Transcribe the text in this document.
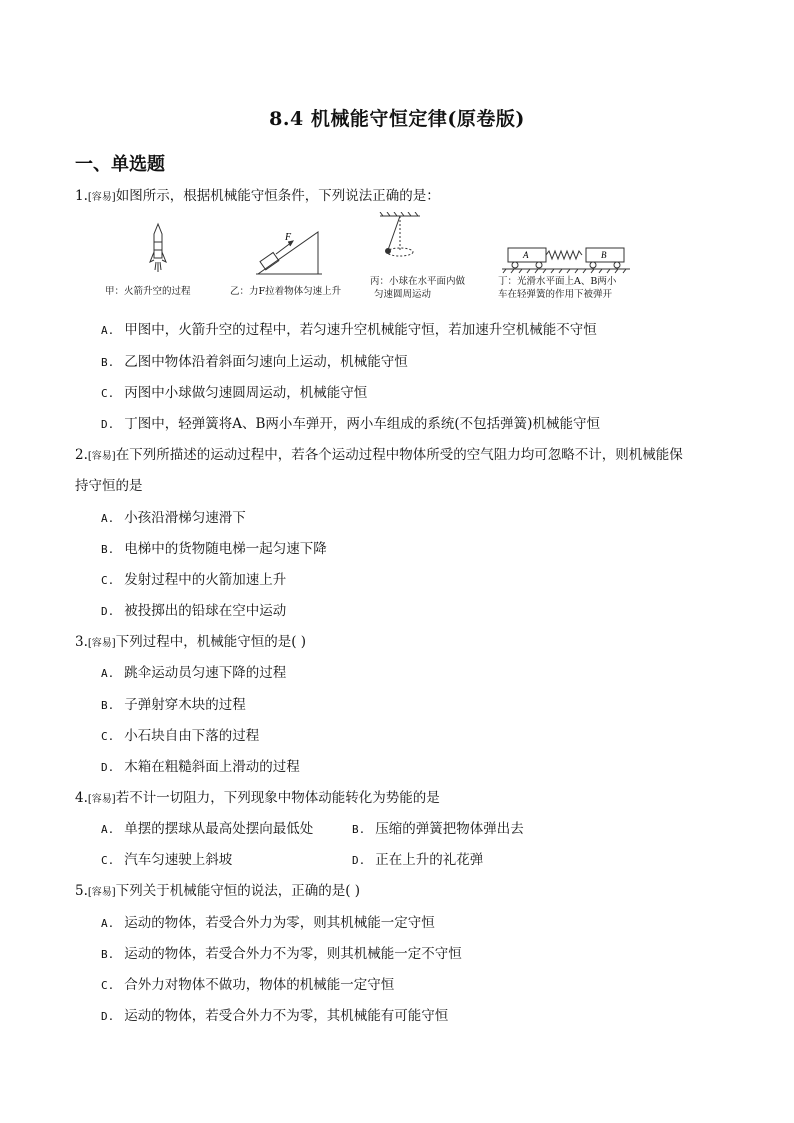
8.4 机械能守恒定律(原卷版)
一、单选题
1.[容易]如图所示，根据机械能守恒条件，下列说法正确的是：
F
A	B
甲：火箭升空的过程	乙：力F拉着物体匀速上升
丙：小球在水平面内做
匀速圆周运动
丁：光滑水平面上A、B两小
车在轻弹簧的作用下被弹开
A. 甲图中，火箭升空的过程中，若匀速升空机械能守恒，若加速升空机械能不守恒
B. 乙图中物体沿着斜面匀速向上运动，机械能守恒
C. 丙图中小球做匀速圆周运动，机械能守恒
D. 丁图中，轻弹簧将A、B两小车弹开，两小车组成的系统(不包括弹簧)机械能守恒
2.[容易]在下列所描述的运动过程中，若各个运动过程中物体所受的空气阻力均可忽略不计，则机械能保
持守恒的是
A. 小孩沿滑梯匀速滑下
B. 电梯中的货物随电梯一起匀速下降
C. 发射过程中的火箭加速上升
D. 被投掷出的铅球在空中运动
3.[容易]下列过程中，机械能守恒的是( )
A. 跳伞运动员匀速下降的过程
B. 子弹射穿木块的过程
C. 小石块自由下落的过程
D. 木箱在粗糙斜面上滑动的过程
4.[容易]若不计一切阻力，下列现象中物体动能转化为势能的是
A. 单摆的摆球从最高处摆向最低处	B. 压缩的弹簧把物体弹出去
C. 汽车匀速驶上斜坡	D. 正在上升的礼花弹
5.[容易]下列关于机械能守恒的说法，正确的是( )
A. 运动的物体，若受合外力为零，则其机械能一定守恒
B. 运动的物体，若受合外力不为零，则其机械能一定不守恒
C. 合外力对物体不做功，物体的机械能一定守恒
D. 运动的物体，若受合外力不为零，其机械能有可能守恒
